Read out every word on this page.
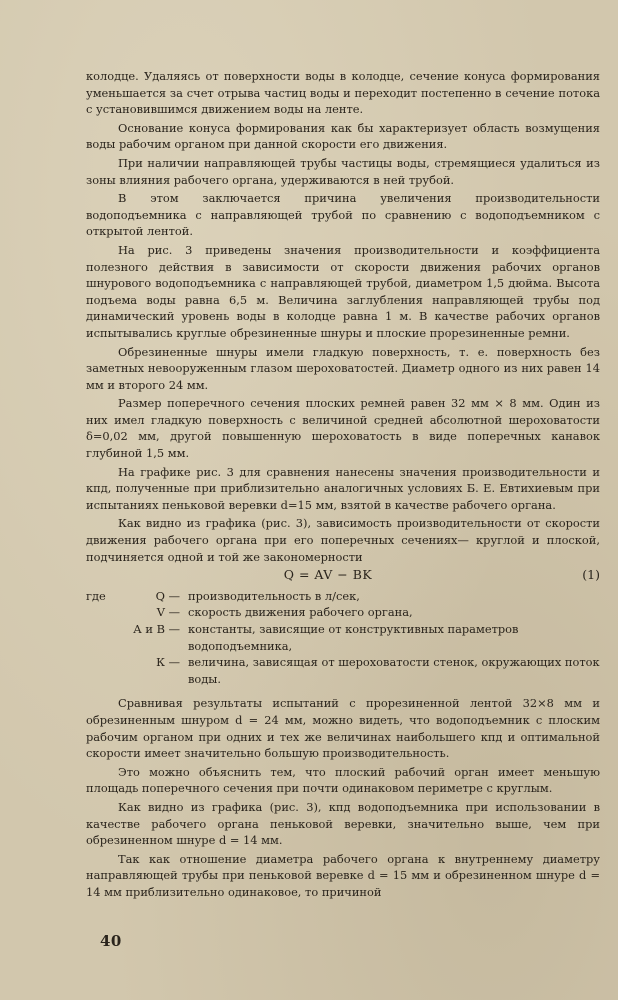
колодце. Удаляясь от поверхности воды в колодце, сечение конуса формирования уменьшается за счет отрыва частиц воды и переходит постепенно в сечение потока с установившимся движением воды на ленте.

Основание конуса формирования как бы характеризует область возмущения воды рабочим органом при данной скорости его движения.

При наличии направляющей трубы частицы воды, стремящиеся удалиться из зоны влияния рабочего органа, удерживаются в ней трубой.

В этом заключается причина увеличения производительности водоподъемника с направляющей трубой по сравнению с водоподъемником с открытой лентой.

На рис. 3 приведены значения производительности и коэффициента полезного действия в зависимости от скорости движения рабочих органов шнурового водоподъемника с направляющей трубой, диаметром 1,5 дюйма. Высота подъема воды равна 6,5 м. Величина заглубления направляющей трубы под динамический уровень воды в колодце равна 1 м. В качестве рабочих органов испытывались круглые обрезиненные шнуры и плоские прорезиненные ремни.

Обрезиненные шнуры имели гладкую поверхность, т. е. поверхность без заметных невооруженным глазом шероховатостей. Диаметр одного из них равен 14 мм и второго 24 мм.

Размер поперечного сечения плоских ремней равен 32 мм × 8 мм. Один из них имел гладкую поверхность с величиной средней абсолютной шероховатости δ=0,02 мм, другой повышенную шероховатость в виде поперечных канавок глубиной 1,5 мм.

На графике рис. 3 для сравнения нанесены значения производительности и кпд, полученные при приблизительно аналогичных условиях Б. Е. Евтихиевым при испытаниях пеньковой веревки d=15 мм, взятой в качестве рабочего органа.

Как видно из графика (рис. 3), зависимость производительности от скорости движения рабочего органа при его поперечных сечениях— круглой и плоской, подчиняется одной и той же закономерности

Q = AV − BK	(1)
где	Q — производительность в л/сек,
V — скорость движения рабочего органа,
А и В — константы, зависящие от конструктивных параметров водоподъемника,
К — величина, зависящая от шероховатости стенок, окружающих поток воды.

Сравнивая результаты испытаний с прорезиненной лентой 32×8 мм и обрезиненным шнуром d = 24 мм, можно видеть, что водоподъемник с плоским рабочим органом при одних и тех же величинах наибольшего кпд и оптимальной скорости имеет значительно большую производительность.

Это можно объяснить тем, что плоский рабочий орган имеет меньшую площадь поперечного сечения при почти одинаковом периметре с круглым.

Как видно из графика (рис. 3), кпд водоподъемника при использовании в качестве рабочего органа пеньковой веревки, значительно выше, чем при обрезиненном шнуре d = 14 мм.

Так как отношение диаметра рабочего органа к внутреннему диаметру направляющей трубы при пеньковой веревке d = 15 мм и обрезиненном шнуре d = 14 мм приблизительно одинаковое, то причиной

40
